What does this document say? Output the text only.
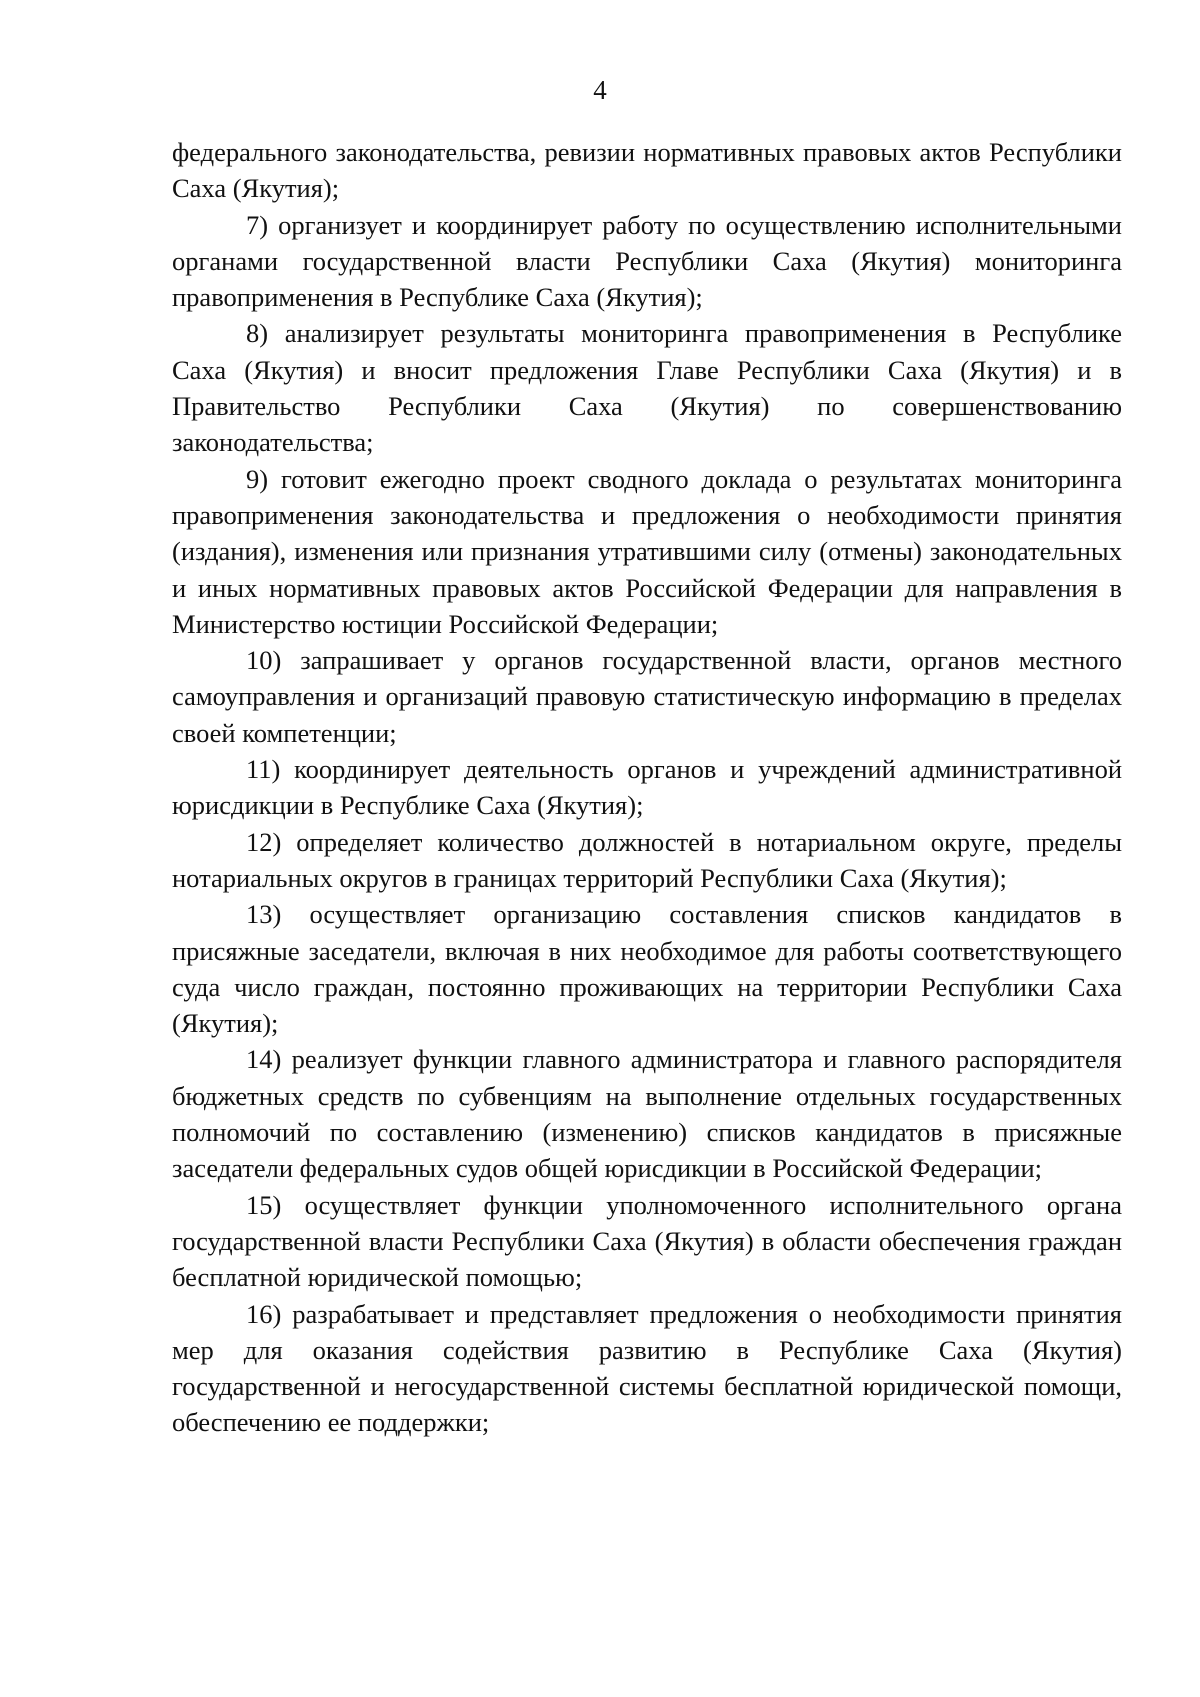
4

федерального законодательства, ревизии нормативных правовых актов Республики Саха (Якутия);

7) организует и координирует работу по осуществлению исполнительными органами государственной власти Республики Саха (Якутия) мониторинга правоприменения в Республике Саха (Якутия);

8) анализирует результаты мониторинга правоприменения в Республике Саха (Якутия) и вносит предложения Главе Республики Саха (Якутия) и в Правительство Республики Саха (Якутия) по совершенствованию законодательства;

9) готовит ежегодно проект сводного доклада о результатах мониторинга правоприменения законодательства и предложения о необходимости принятия (издания), изменения или признания утратившими силу (отмены) законодательных и иных нормативных правовых актов Российской Федерации для направления в Министерство юстиции Российской Федерации;

10) запрашивает у органов государственной власти, органов местного самоуправления и организаций правовую статистическую информацию в пределах своей компетенции;

11) координирует деятельность органов и учреждений административной юрисдикции в Республике Саха (Якутия);

12) определяет количество должностей в нотариальном округе, пределы нотариальных округов в границах территорий Республики Саха (Якутия);

13) осуществляет организацию составления списков кандидатов в присяжные заседатели, включая в них необходимое для работы соответствующего суда число граждан, постоянно проживающих на территории Республики Саха (Якутия);

14) реализует функции главного администратора и главного распорядителя бюджетных средств по субвенциям на выполнение отдельных государственных полномочий по составлению (изменению) списков кандидатов в присяжные заседатели федеральных судов общей юрисдикции в Российской Федерации;

15) осуществляет функции уполномоченного исполнительного органа государственной власти Республики Саха (Якутия) в области обеспечения граждан бесплатной юридической помощью;

16) разрабатывает и представляет предложения о необходимости принятия мер для оказания содействия развитию в Республике Саха (Якутия) государственной и негосударственной системы бесплатной юридической помощи, обеспечению ее поддержки;
